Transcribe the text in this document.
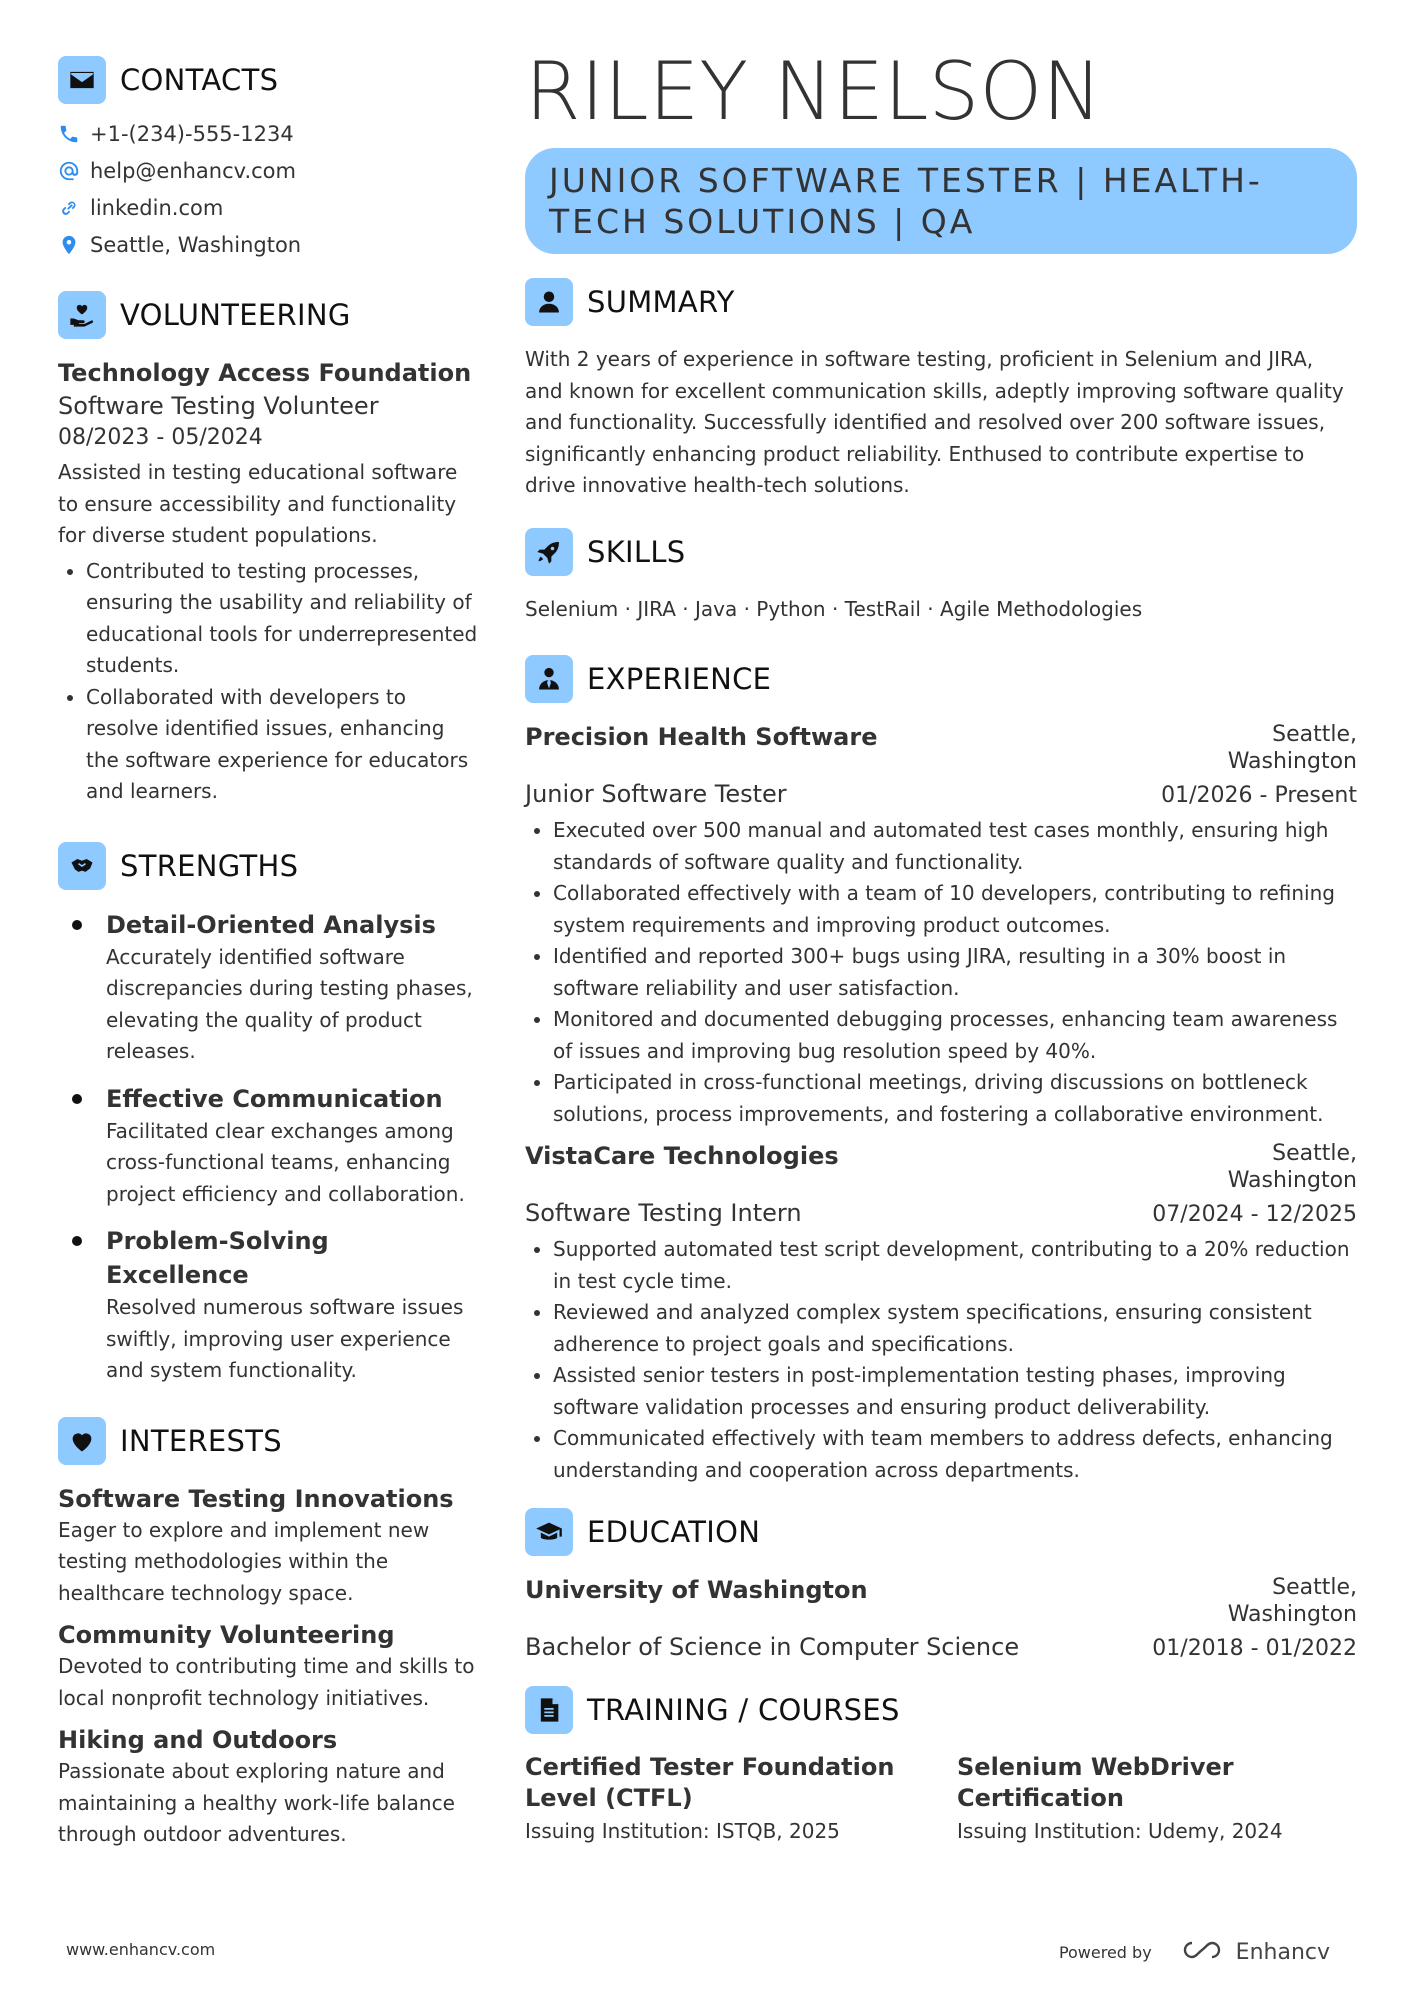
CONTACTS
+1-(234)-555-1234
help@enhancv.com
linkedin.com
Seattle, Washington
VOLUNTEERING
Technology Access Foundation
Software Testing Volunteer
08/2023 - 05/2024
Assisted in testing educational software to ensure accessibility and functionality for diverse student populations.
• Contributed to testing processes, ensuring the usability and reliability of educational tools for underrepresented students.
• Collaborated with developers to resolve identified issues, enhancing the software experience for educators and learners.
STRENGTHS
Detail-Oriented Analysis
Accurately identified software discrepancies during testing phases, elevating the quality of product releases.
Effective Communication
Facilitated clear exchanges among cross-functional teams, enhancing project efficiency and collaboration.
Problem-Solving Excellence
Resolved numerous software issues swiftly, improving user experience and system functionality.
INTERESTS
Software Testing Innovations
Eager to explore and implement new testing methodologies within the healthcare technology space.
Community Volunteering
Devoted to contributing time and skills to local nonprofit technology initiatives.
Hiking and Outdoors
Passionate about exploring nature and maintaining a healthy work-life balance through outdoor adventures.
RILEY NELSON
JUNIOR SOFTWARE TESTER | HEALTH-TECH SOLUTIONS | QA
SUMMARY
With 2 years of experience in software testing, proficient in Selenium and JIRA, and known for excellent communication skills, adeptly improving software quality and functionality. Successfully identified and resolved over 200 software issues, significantly enhancing product reliability. Enthused to contribute expertise to drive innovative health-tech solutions.
SKILLS
Selenium · JIRA · Java · Python · TestRail · Agile Methodologies
EXPERIENCE
Precision Health Software	Seattle, Washington
Junior Software Tester	01/2026 - Present
• Executed over 500 manual and automated test cases monthly, ensuring high standards of software quality and functionality.
• Collaborated effectively with a team of 10 developers, contributing to refining system requirements and improving product outcomes.
• Identified and reported 300+ bugs using JIRA, resulting in a 30% boost in software reliability and user satisfaction.
• Monitored and documented debugging processes, enhancing team awareness of issues and improving bug resolution speed by 40%.
• Participated in cross-functional meetings, driving discussions on bottleneck solutions, process improvements, and fostering a collaborative environment.
VistaCare Technologies	Seattle, Washington
Software Testing Intern	07/2024 - 12/2025
• Supported automated test script development, contributing to a 20% reduction in test cycle time.
• Reviewed and analyzed complex system specifications, ensuring consistent adherence to project goals and specifications.
• Assisted senior testers in post-implementation testing phases, improving software validation processes and ensuring product deliverability.
• Communicated effectively with team members to address defects, enhancing understanding and cooperation across departments.
EDUCATION
University of Washington	Seattle, Washington
Bachelor of Science in Computer Science	01/2018 - 01/2022
TRAINING / COURSES
Certified Tester Foundation Level (CTFL)
Issuing Institution: ISTQB, 2025
Selenium WebDriver Certification
Issuing Institution: Udemy, 2024
www.enhancv.com	Powered by	Enhancv
